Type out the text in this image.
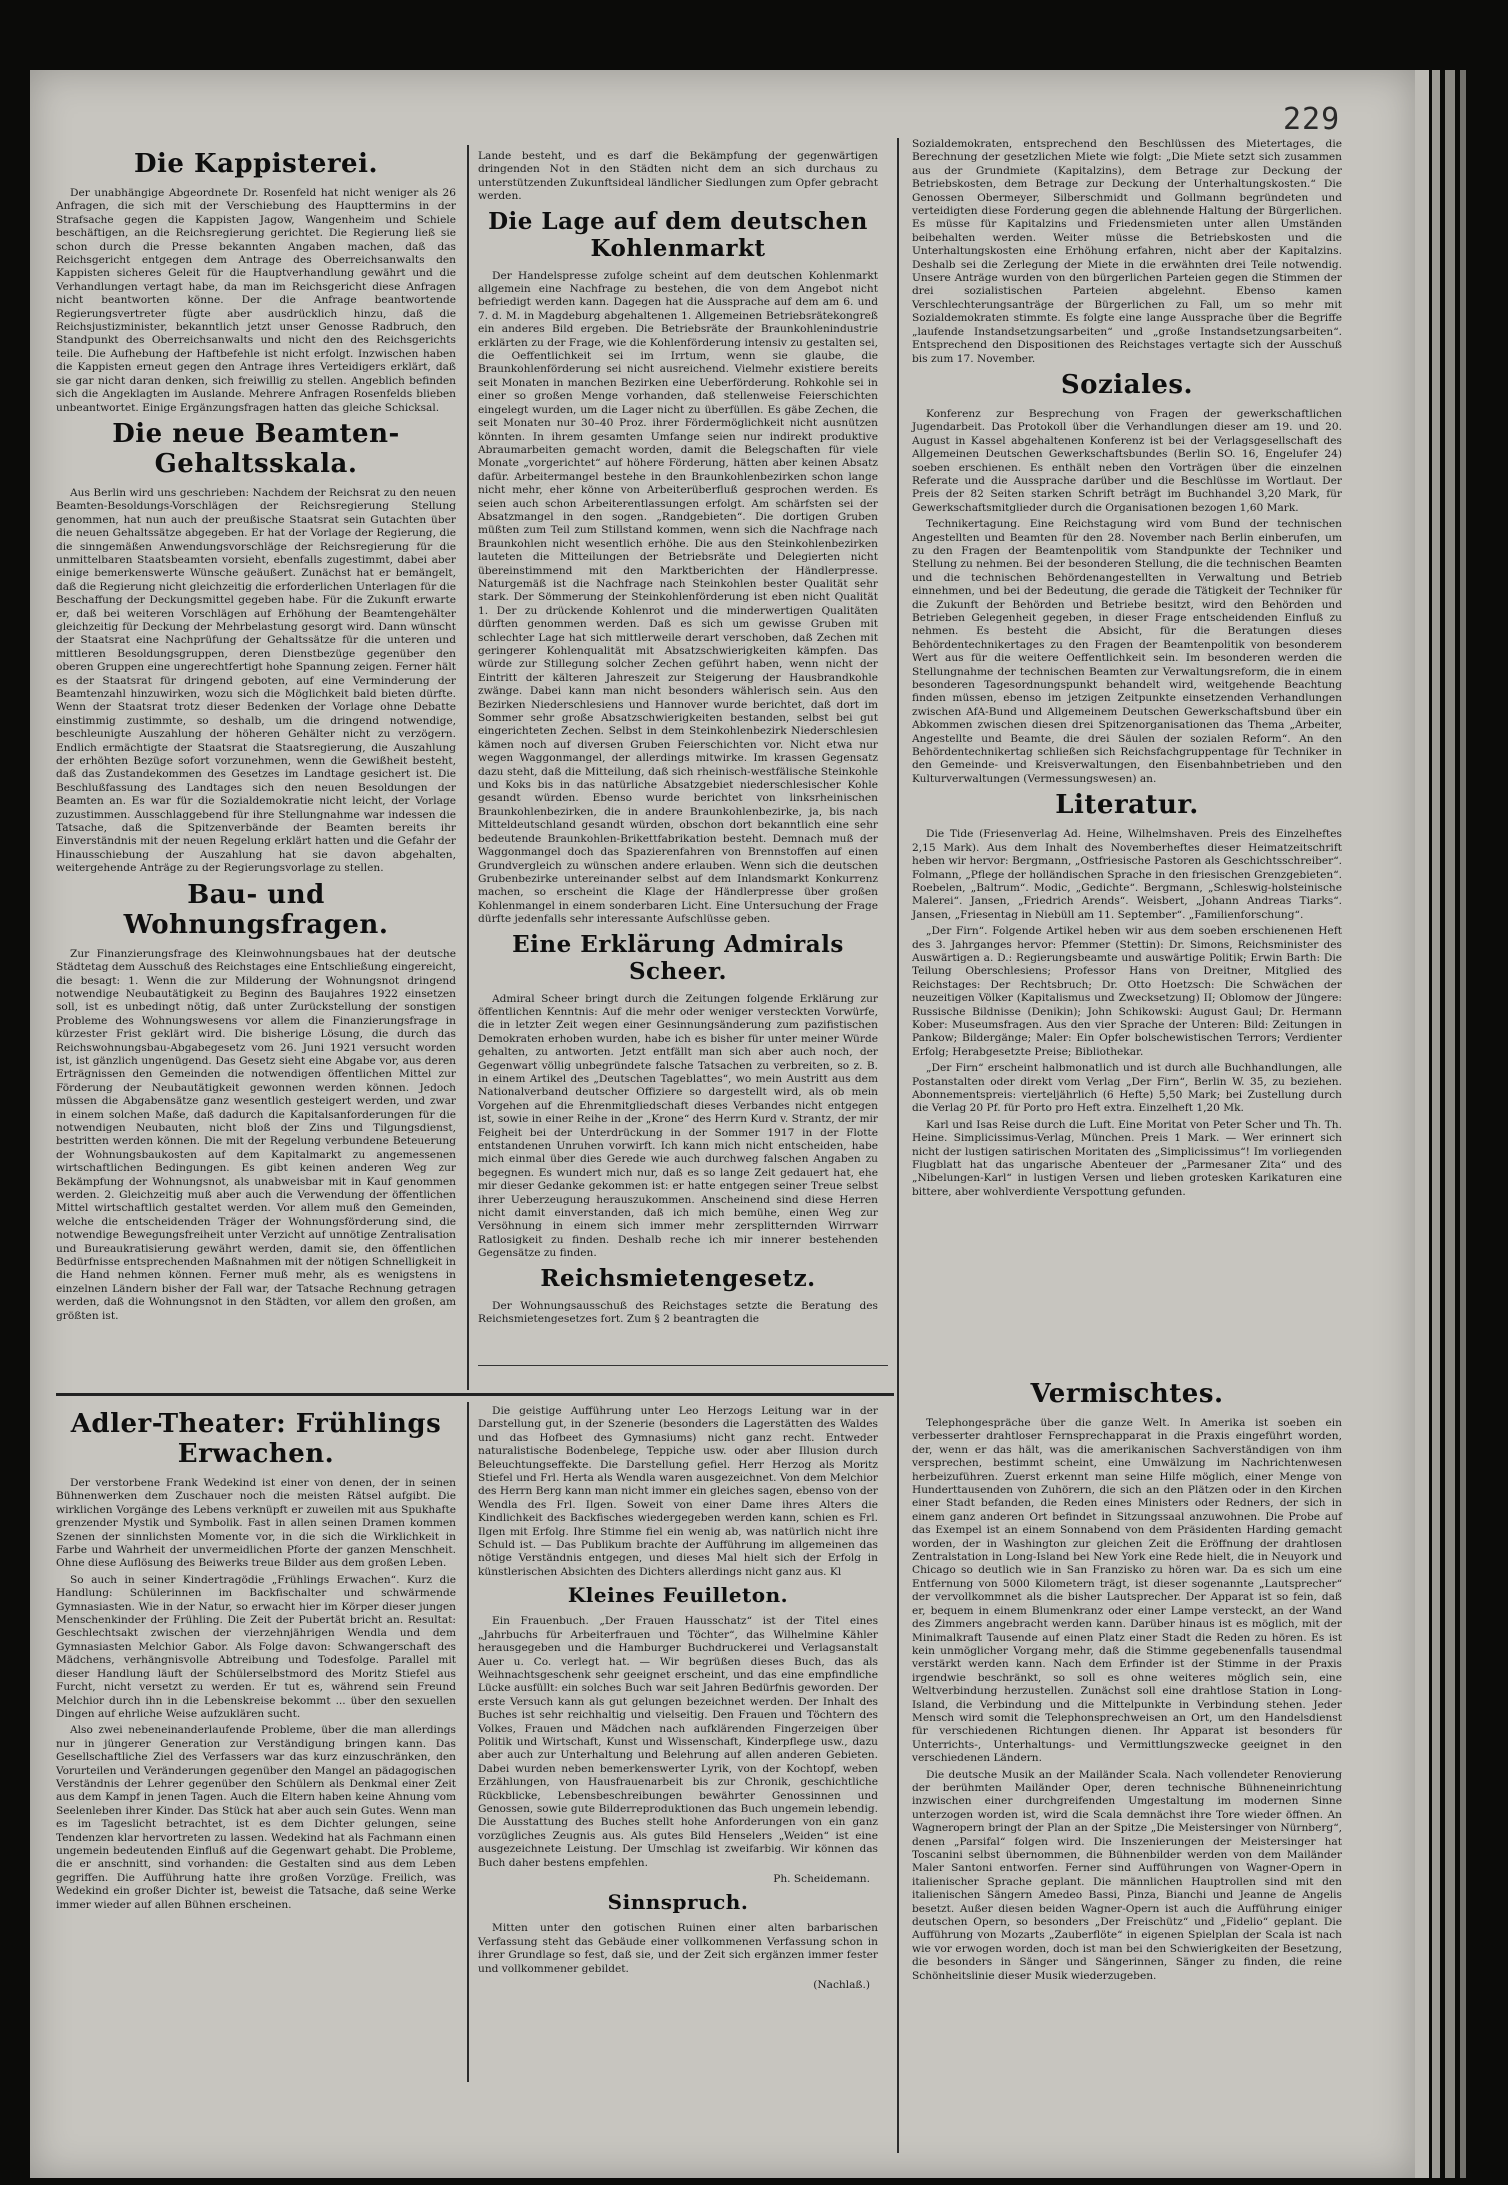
229
Die Kappisterei.

Der unabhängige Abgeordnete Dr. Rosenfeld hat nicht weniger als 26 Anfragen, die sich mit der Verschiebung des Haupttermins in der Strafsache gegen die Kappisten Jagow, Wangenheim und Schiele beschäftigen, an die Reichsregierung gerichtet. Die Regierung ließ sie schon durch die Presse bekannten Angaben machen, daß das Reichsgericht entgegen dem Antrage des Oberreichsanwalts den Kappisten sicheres Geleit für die Hauptverhandlung gewährt und die Verhandlungen vertagt habe, da man im Reichsgericht diese Anfragen nicht beantworten könne. Der die Anfrage beantwortende Regierungsvertreter fügte aber ausdrücklich hinzu, daß die Reichsjustizminister, bekanntlich jetzt unser Genosse Radbruch, den Standpunkt des Oberreichsanwalts und nicht den des Reichsgerichts teile. Die Aufhebung der Haftbefehle ist nicht erfolgt. Inzwischen haben die Kappisten erneut gegen den Antrage ihres Verteidigers erklärt, daß sie gar nicht daran denken, sich freiwillig zu stellen. Angeblich befinden sich die Angeklagten im Auslande. Mehrere Anfragen Rosenfelds blieben unbeantwortet. Einige Ergänzungsfragen hatten das gleiche Schicksal.

Die neue Beamten-Gehaltsskala.

Aus Berlin wird uns geschrieben: Nachdem der Reichsrat zu den neuen Beamten-Besoldungs-Vorschlägen der Reichsregierung Stellung genommen, hat nun auch der preußische Staatsrat sein Gutachten über die neuen Gehaltssätze abgegeben. Er hat der Vorlage der Regierung, die die sinngemäßen Anwendungsvorschläge der Reichsregierung für die unmittelbaren Staatsbeamten vorsieht, ebenfalls zugestimmt, dabei aber einige bemerkenswerte Wünsche geäußert. Zunächst hat er bemängelt, daß die Regierung nicht gleichzeitig die erforderlichen Unterlagen für die Beschaffung der Deckungsmittel gegeben habe. Für die Zukunft erwarte er, daß bei weiteren Vorschlägen auf Erhöhung der Beamtengehälter gleichzeitig für Deckung der Mehrbelastung gesorgt wird. Dann wünscht der Staatsrat eine Nachprüfung der Gehaltssätze für die unteren und mittleren Besoldungsgruppen, deren Dienstbezüge gegenüber den oberen Gruppen eine ungerechtfertigt hohe Spannung zeigen. Ferner hält es der Staatsrat für dringend geboten, auf eine Verminderung der Beamtenzahl hinzuwirken, wozu sich die Möglichkeit bald bieten dürfte. Wenn der Staatsrat trotz dieser Bedenken der Vorlage ohne Debatte einstimmig zustimmte, so deshalb, um die dringend notwendige, beschleunigte Auszahlung der höheren Gehälter nicht zu verzögern. Endlich ermächtigte der Staatsrat die Staatsregierung, die Auszahlung der erhöhten Bezüge sofort vorzunehmen, wenn die Gewißheit besteht, daß das Zustandekommen des Gesetzes im Landtage gesichert ist. Die Beschlußfassung des Landtages sich den neuen Besoldungen der Beamten an. Es war für die Sozialdemokratie nicht leicht, der Vorlage zuzustimmen. Ausschlaggebend für ihre Stellungnahme war indessen die Tatsache, daß die Spitzenverbände der Beamten bereits ihr Einverständnis mit der neuen Regelung erklärt hatten und die Gefahr der Hinausschiebung der Auszahlung hat sie davon abgehalten, weitergehende Anträge zu der Regierungsvorlage zu stellen.

Bau- und Wohnungsfragen.

Zur Finanzierungsfrage des Kleinwohnungsbaues hat der deutsche Städtetag dem Ausschuß des Reichstages eine Entschließung eingereicht, die besagt: 1. Wenn die zur Milderung der Wohnungsnot dringend notwendige Neubautätigkeit zu Beginn des Baujahres 1922 einsetzen soll, ist es unbedingt nötig, daß unter Zurückstellung der sonstigen Probleme des Wohnungswesens vor allem die Finanzierungsfrage in kürzester Frist geklärt wird. Die bisherige Lösung, die durch das Reichswohnungsbau-Abgabegesetz vom 26. Juni 1921 versucht worden ist, ist gänzlich ungenügend. Das Gesetz sieht eine Abgabe vor, aus deren Erträgnissen den Gemeinden die notwendigen öffentlichen Mittel zur Förderung der Neubautätigkeit gewonnen werden können. Jedoch müssen die Abgabensätze ganz wesentlich gesteigert werden, und zwar in einem solchen Maße, daß dadurch die Kapitalsanforderungen für die notwendigen Neubauten, nicht bloß der Zins und Tilgungsdienst, bestritten werden können. Die mit der Regelung verbundene Beteuerung der Wohnungsbaukosten auf dem Kapitalmarkt zu angemessenen wirtschaftlichen Bedingungen. Es gibt keinen anderen Weg zur Bekämpfung der Wohnungsnot, als unabweisbar mit in Kauf genommen werden. 2. Gleichzeitig muß aber auch die Verwendung der öffentlichen Mittel wirtschaftlich gestaltet werden. Vor allem muß den Gemeinden, welche die entscheidenden Träger der Wohnungsförderung sind, die notwendige Bewegungsfreiheit unter Verzicht auf unnötige Zentralisation und Bureaukratisierung gewährt werden, damit sie, den öffentlichen Bedürfnisse entsprechenden Maßnahmen mit der nötigen Schnelligkeit in die Hand nehmen können. Ferner muß mehr, als es wenigstens in einzelnen Ländern bisher der Fall war, der Tatsache Rechnung getragen werden, daß die Wohnungsnot in den Städten, vor allem den großen, am größten ist.

Lande besteht, und es darf die Bekämpfung der gegenwärtigen dringenden Not in den Städten nicht dem an sich durchaus zu unterstützenden Zukunftsideal ländlicher Siedlungen zum Opfer gebracht werden.

Die Lage auf dem deutschen Kohlenmarkt

Der Handelspresse zufolge scheint auf dem deutschen Kohlenmarkt allgemein eine Nachfrage zu bestehen, die von dem Angebot nicht befriedigt werden kann. Dagegen hat die Aussprache auf dem am 6. und 7. d. M. in Magdeburg abgehaltenen 1. Allgemeinen Betriebsrätekongreß ein anderes Bild ergeben. Die Betriebsräte der Braunkohlenindustrie erklärten zu der Frage, wie die Kohlenförderung intensiv zu gestalten sei, die Oeffentlichkeit sei im Irrtum, wenn sie glaube, die Braunkohlenförderung sei nicht ausreichend. Vielmehr existiere bereits seit Monaten in manchen Bezirken eine Ueberförderung. Rohkohle sei in einer so großen Menge vorhanden, daß stellenweise Feierschichten eingelegt wurden, um die Lager nicht zu überfüllen. Es gäbe Zechen, die seit Monaten nur 30–40 Proz. ihrer Fördermöglichkeit nicht ausnützen könnten. In ihrem gesamten Umfange seien nur indirekt produktive Abraumarbeiten gemacht worden, damit die Belegschaften für viele Monate „vorgerichtet“ auf höhere Förderung, hätten aber keinen Absatz dafür. Arbeitermangel bestehe in den Braunkohlenbezirken schon lange nicht mehr, eher könne von Arbeiterüberfluß gesprochen werden. Es seien auch schon Arbeiterentlassungen erfolgt. Am schärfsten sei der Absatzmangel in den sogen. „Randgebieten“. Die dortigen Gruben müßten zum Teil zum Stillstand kommen, wenn sich die Nachfrage nach Braunkohlen nicht wesentlich erhöhe. Die aus den Steinkohlenbezirken lauteten die Mitteilungen der Betriebsräte und Delegierten nicht übereinstimmend mit den Marktberichten der Händlerpresse. Naturgemäß ist die Nachfrage nach Steinkohlen bester Qualität sehr stark. Der Sömmerung der Steinkohlenförderung ist eben nicht Qualität 1. Der zu drückende Kohlenrot und die minderwertigen Qualitäten dürften genommen werden. Daß es sich um gewisse Gruben mit schlechter Lage hat sich mittlerweile derart verschoben, daß Zechen mit geringerer Kohlenqualität mit Absatzschwierigkeiten kämpfen. Das würde zur Stillegung solcher Zechen geführt haben, wenn nicht der Eintritt der kälteren Jahreszeit zur Steigerung der Hausbrandkohle zwänge. Dabei kann man nicht besonders wählerisch sein. Aus den Bezirken Niederschlesiens und Hannover wurde berichtet, daß dort im Sommer sehr große Absatzschwierigkeiten bestanden, selbst bei gut eingerichteten Zechen. Selbst in dem Steinkohlenbezirk Niederschlesien kämen noch auf diversen Gruben Feierschichten vor. Nicht etwa nur wegen Waggonmangel, der allerdings mitwirke. Im krassen Gegensatz dazu steht, daß die Mitteilung, daß sich rheinisch-westfälische Steinkohle und Koks bis in das natürliche Absatzgebiet niederschlesischer Kohle gesandt würden. Ebenso wurde berichtet von linksrheinischen Braunkohlenbezirken, die in andere Braunkohlenbezirke, ja, bis nach Mitteldeutschland gesandt würden, obschon dort bekanntlich eine sehr bedeutende Braunkohlen-Brikettfabrikation besteht. Demnach muß der Waggonmangel doch das Spazierenfahren von Brennstoffen auf einen Grundvergleich zu wünschen andere erlauben. Wenn sich die deutschen Grubenbezirke untereinander selbst auf dem Inlandsmarkt Konkurrenz machen, so erscheint die Klage der Händlerpresse über großen Kohlenmangel in einem sonderbaren Licht. Eine Untersuchung der Frage dürfte jedenfalls sehr interessante Aufschlüsse geben.

Eine Erklärung Admirals Scheer.

Admiral Scheer bringt durch die Zeitungen folgende Erklärung zur öffentlichen Kenntnis: Auf die mehr oder weniger versteckten Vorwürfe, die in letzter Zeit wegen einer Gesinnungsänderung zum pazifistischen Demokraten erhoben wurden, habe ich es bisher für unter meiner Würde gehalten, zu antworten. Jetzt entfällt man sich aber auch noch, der Gegenwart völlig unbegründete falsche Tatsachen zu verbreiten, so z. B. in einem Artikel des „Deutschen Tageblattes“, wo mein Austritt aus dem Nationalverband deutscher Offiziere so dargestellt wird, als ob mein Vorgehen auf die Ehrenmitgliedschaft dieses Verbandes nicht entgegen ist, sowie in einer Reihe in der „Krone“ des Herrn Kurd v. Strantz, der mir Feigheit bei der Unterdrückung in der Sommer 1917 in der Flotte entstandenen Unruhen vorwirft. Ich kann mich nicht entscheiden, habe mich einmal über dies Gerede wie auch durchweg falschen Angaben zu begegnen. Es wundert mich nur, daß es so lange Zeit gedauert hat, ehe mir dieser Gedanke gekommen ist: er hatte entgegen seiner Treue selbst ihrer Ueberzeugung herauszukommen. Anscheinend sind diese Herren nicht damit einverstanden, daß ich mich bemühe, einen Weg zur Versöhnung in einem sich immer mehr zersplitternden Wirrwarr Ratlosigkeit zu finden. Deshalb reche ich mir innerer bestehenden Gegensätze zu finden.

Reichsmietengesetz.

Der Wohnungsausschuß des Reichstages setzte die Beratung des Reichsmietengesetzes fort. Zum § 2 beantragten die

Sozialdemokraten, entsprechend den Beschlüssen des Mietertages, die Berechnung der gesetzlichen Miete wie folgt: „Die Miete setzt sich zusammen aus der Grundmiete (Kapitalzins), dem Betrage zur Deckung der Betriebskosten, dem Betrage zur Deckung der Unterhaltungskosten.“ Die Genossen Obermeyer, Silberschmidt und Gollmann begründeten und verteidigten diese Forderung gegen die ablehnende Haltung der Bürgerlichen. Es müsse für Kapitalzins und Friedensmieten unter allen Umständen beibehalten werden. Weiter müsse die Betriebskosten und die Unterhaltungskosten eine Erhöhung erfahren, nicht aber der Kapitalzins. Deshalb sei die Zerlegung der Miete in die erwähnten drei Teile notwendig. Unsere Anträge wurden von den bürgerlichen Parteien gegen die Stimmen der drei sozialistischen Parteien abgelehnt. Ebenso kamen Verschlechterungsanträge der Bürgerlichen zu Fall, um so mehr mit Sozialdemokraten stimmte. Es folgte eine lange Aussprache über die Begriffe „laufende Instandsetzungsarbeiten“ und „große Instandsetzungsarbeiten“. Entsprechend den Dispositionen des Reichstages vertagte sich der Ausschuß bis zum 17. November.

Soziales.

Konferenz zur Besprechung von Fragen der gewerkschaftlichen Jugendarbeit. Das Protokoll über die Verhandlungen dieser am 19. und 20. August in Kassel abgehaltenen Konferenz ist bei der Verlagsgesellschaft des Allgemeinen Deutschen Gewerkschaftsbundes (Berlin SO. 16, Engelufer 24) soeben erschienen. Es enthält neben den Vorträgen über die einzelnen Referate und die Aussprache darüber und die Beschlüsse im Wortlaut. Der Preis der 82 Seiten starken Schrift beträgt im Buchhandel 3,20 Mark, für Gewerkschaftsmitglieder durch die Organisationen bezogen 1,60 Mark.

Technikertagung. Eine Reichstagung wird vom Bund der technischen Angestellten und Beamten für den 28. November nach Berlin einberufen, um zu den Fragen der Beamtenpolitik vom Standpunkte der Techniker und Stellung zu nehmen. Bei der besonderen Stellung, die die technischen Beamten und die technischen Behördenangestellten in Verwaltung und Betrieb einnehmen, und bei der Bedeutung, die gerade die Tätigkeit der Techniker für die Zukunft der Behörden und Betriebe besitzt, wird den Behörden und Betrieben Gelegenheit gegeben, in dieser Frage entscheidenden Einfluß zu nehmen. Es besteht die Absicht, für die Beratungen dieses Behördentechnikertages zu den Fragen der Beamtenpolitik von besonderem Wert aus für die weitere Oeffentlichkeit sein. Im besonderen werden die Stellungnahme der technischen Beamten zur Verwaltungsreform, die in einem besonderen Tagesordnungspunkt behandelt wird, weitgehende Beachtung finden müssen, ebenso im jetzigen Zeitpunkte einsetzenden Verhandlungen zwischen AfA-Bund und Allgemeinem Deutschen Gewerkschaftsbund über ein Abkommen zwischen diesen drei Spitzenorganisationen das Thema „Arbeiter, Angestellte und Beamte, die drei Säulen der sozialen Reform“. An den Behördentechnikertag schließen sich Reichsfachgruppentage für Techniker in den Gemeinde- und Kreisverwaltungen, den Eisenbahnbetrieben und den Kulturverwaltungen (Vermessungswesen) an.

Literatur.

Die Tide (Friesenverlag Ad. Heine, Wilhelmshaven. Preis des Einzelheftes 2,15 Mark). Aus dem Inhalt des Novemberheftes dieser Heimatzeitschrift heben wir hervor: Bergmann, „Ostfriesische Pastoren als Geschichtsschreiber“. Folmann, „Pflege der holländischen Sprache in den friesischen Grenzgebieten“. Roebelen, „Baltrum“. Modic, „Gedichte“. Bergmann, „Schleswig-holsteinische Malerei“. Jansen, „Friedrich Arends“. Weisbert, „Johann Andreas Tiarks“. Jansen, „Friesentag in Niebüll am 11. September“. „Familienforschung“.

„Der Firn“. Folgende Artikel heben wir aus dem soeben erschienenen Heft des 3. Jahrganges hervor: Pfemmer (Stettin): Dr. Simons, Reichsminister des Auswärtigen a. D.: Regierungsbeamte und auswärtige Politik; Erwin Barth: Die Teilung Oberschlesiens; Professor Hans von Dreitner, Mitglied des Reichstages: Der Rechtsbruch; Dr. Otto Hoetzsch: Die Schwächen der neuzeitigen Völker (Kapitalismus und Zwecksetzung) II; Oblomow der Jüngere: Russische Bildnisse (Denikin); John Schikowski: August Gaul; Dr. Hermann Kober: Museumsfragen. Aus den vier Sprache der Unteren: Bild: Zeitungen in Pankow; Bildergänge; Maler: Ein Opfer bolschewistischen Terrors; Verdienter Erfolg; Herabgesetzte Preise; Bibliothekar.

„Der Firn“ erscheint halbmonatlich und ist durch alle Buchhandlungen, alle Postanstalten oder direkt vom Verlag „Der Firn“, Berlin W. 35, zu beziehen. Abonnementspreis: vierteljährlich (6 Hefte) 5,50 Mark; bei Zustellung durch die Verlag 20 Pf. für Porto pro Heft extra. Einzelheft 1,20 Mk.

Karl und Isas Reise durch die Luft. Eine Moritat von Peter Scher und Th. Th. Heine. Simplicissimus-Verlag, München. Preis 1 Mark. — Wer erinnert sich nicht der lustigen satirischen Moritaten des „Simplicissimus“! Im vorliegenden Flugblatt hat das ungarische Abenteuer der „Parmesaner Zita“ und des „Nibelungen-Karl“ in lustigen Versen und lieben grotesken Karikaturen eine bittere, aber wohlverdiente Verspottung gefunden.

Adler-Theater: Frühlings Erwachen.

Der verstorbene Frank Wedekind ist einer von denen, der in seinen Bühnenwerken dem Zuschauer noch die meisten Rätsel aufgibt. Die wirklichen Vorgänge des Lebens verknüpft er zuweilen mit aus Spukhafte grenzender Mystik und Symbolik. Fast in allen seinen Dramen kommen Szenen der sinnlichsten Momente vor, in die sich die Wirklichkeit in Farbe und Wahrheit der unvermeidlichen Pforte der ganzen Menschheit. Ohne diese Auflösung des Beiwerks treue Bilder aus dem großen Leben.

So auch in seiner Kindertragödie „Frühlings Erwachen“. Kurz die Handlung: Schülerinnen im Backfischalter und schwärmende Gymnasiasten. Wie in der Natur, so erwacht hier im Körper dieser jungen Menschenkinder der Frühling. Die Zeit der Pubertät bricht an. Resultat: Geschlechtsakt zwischen der vierzehnjährigen Wendla und dem Gymnasiasten Melchior Gabor. Als Folge davon: Schwangerschaft des Mädchens, verhängnisvolle Abtreibung und Todesfolge. Parallel mit dieser Handlung läuft der Schülerselbstmord des Moritz Stiefel aus Furcht, nicht versetzt zu werden. Er tut es, während sein Freund Melchior durch ihn in die Lebenskreise bekommt ... über den sexuellen Dingen auf ehrliche Weise aufzuklären sucht.

Also zwei nebeneinanderlaufende Probleme, über die man allerdings nur in jüngerer Generation zur Verständigung bringen kann. Das Gesellschaftliche Ziel des Verfassers war das kurz einzuschränken, den Vorurteilen und Veränderungen gegenüber den Mangel an pädagogischen Verständnis der Lehrer gegenüber den Schülern als Denkmal einer Zeit aus dem Kampf in jenen Tagen. Auch die Eltern haben keine Ahnung vom Seelenleben ihrer Kinder. Das Stück hat aber auch sein Gutes. Wenn man es im Tageslicht betrachtet, ist es dem Dichter gelungen, seine Tendenzen klar hervortreten zu lassen. Wedekind hat als Fachmann einen ungemein bedeutenden Einfluß auf die Gegenwart gehabt. Die Probleme, die er anschnitt, sind vorhanden: die Gestalten sind aus dem Leben gegriffen. Die Aufführung hatte ihre großen Vorzüge. Freilich, was Wedekind ein großer Dichter ist, beweist die Tatsache, daß seine Werke immer wieder auf allen Bühnen erscheinen.

Die geistige Aufführung unter Leo Herzogs Leitung war in der Darstellung gut, in der Szenerie (besonders die Lagerstätten des Waldes und das Hofbeet des Gymnasiums) nicht ganz recht. Entweder naturalistische Bodenbelege, Teppiche usw. oder aber Illusion durch Beleuchtungseffekte. Die Darstellung gefiel. Herr Herzog als Moritz Stiefel und Frl. Herta als Wendla waren ausgezeichnet. Von dem Melchior des Herrn Berg kann man nicht immer ein gleiches sagen, ebenso von der Wendla des Frl. Ilgen. Soweit von einer Dame ihres Alters die Kindlichkeit des Backfisches wiedergegeben werden kann, schien es Frl. Ilgen mit Erfolg. Ihre Stimme fiel ein wenig ab, was natürlich nicht ihre Schuld ist. — Das Publikum brachte der Aufführung im allgemeinen das nötige Verständnis entgegen, und dieses Mal hielt sich der Erfolg in künstlerischen Absichten des Dichters allerdings nicht ganz aus. Kl

Kleines Feuilleton.

Ein Frauenbuch. „Der Frauen Hausschatz“ ist der Titel eines „Jahrbuchs für Arbeiterfrauen und Töchter“, das Wilhelmine Kähler herausgegeben und die Hamburger Buchdruckerei und Verlagsanstalt Auer u. Co. verlegt hat. — Wir begrüßen dieses Buch, das als Weihnachtsgeschenk sehr geeignet erscheint, und das eine empfindliche Lücke ausfüllt: ein solches Buch war seit Jahren Bedürfnis geworden. Der erste Versuch kann als gut gelungen bezeichnet werden. Der Inhalt des Buches ist sehr reichhaltig und vielseitig. Den Frauen und Töchtern des Volkes, Frauen und Mädchen nach aufklärenden Fingerzeigen über Politik und Wirtschaft, Kunst und Wissenschaft, Kinderpflege usw., dazu aber auch zur Unterhaltung und Belehrung auf allen anderen Gebieten. Dabei wurden neben bemerkenswerter Lyrik, von der Kochtopf, weben Erzählungen, von Hausfrauenarbeit bis zur Chronik, geschichtliche Rückblicke, Lebensbeschreibungen bewährter Genossinnen und Genossen, sowie gute Bilderreproduktionen das Buch ungemein lebendig. Die Ausstattung des Buches stellt hohe Anforderungen von ein ganz vorzügliches Zeugnis aus. Als gutes Bild Henselers „Weiden“ ist eine ausgezeichnete Leistung. Der Umschlag ist zweifarbig. Wir können das Buch daher bestens empfehlen.

Ph. Scheidemann.
Sinnspruch.

Mitten unter den gotischen Ruinen einer alten barbarischen Verfassung steht das Gebäude einer vollkommenen Verfassung schon in ihrer Grundlage so fest, daß sie, und der Zeit sich ergänzen immer fester und vollkommener gebildet.

(Nachlaß.)
Vermischtes.

Telephongespräche über die ganze Welt. In Amerika ist soeben ein verbesserter drahtloser Fernsprechapparat in die Praxis eingeführt worden, der, wenn er das hält, was die amerikanischen Sachverständigen von ihm versprechen, bestimmt scheint, eine Umwälzung im Nachrichtenwesen herbeizuführen. Zuerst erkennt man seine Hilfe möglich, einer Menge von Hunderttausenden von Zuhörern, die sich an den Plätzen oder in den Kirchen einer Stadt befanden, die Reden eines Ministers oder Redners, der sich in einem ganz anderen Ort befindet in Sitzungssaal anzuwohnen. Die Probe auf das Exempel ist an einem Sonnabend von dem Präsidenten Harding gemacht worden, der in Washington zur gleichen Zeit die Eröffnung der drahtlosen Zentralstation in Long-Island bei New York eine Rede hielt, die in Neuyork und Chicago so deutlich wie in San Franzisko zu hören war. Da es sich um eine Entfernung von 5000 Kilometern trägt, ist dieser sogenannte „Lautsprecher“ der vervollkommnet als die bisher Lautsprecher. Der Apparat ist so fein, daß er, bequem in einem Blumenkranz oder einer Lampe versteckt, an der Wand des Zimmers angebracht werden kann. Darüber hinaus ist es möglich, mit der Minimalkraft Tausende auf einen Platz einer Stadt die Reden zu hören. Es ist kein unmöglicher Vorgang mehr, daß die Stimme gegebenenfalls tausendmal verstärkt werden kann. Nach dem Erfinder ist der Stimme in der Praxis irgendwie beschränkt, so soll es ohne weiteres möglich sein, eine Weltverbindung herzustellen. Zunächst soll eine drahtlose Station in Long-Island, die Verbindung und die Mittelpunkte in Verbindung stehen. Jeder Mensch wird somit die Telephonsprechweisen an Ort, um den Handelsdienst für verschiedenen Richtungen dienen. Ihr Apparat ist besonders für Unterrichts-, Unterhaltungs- und Vermittlungszwecke geeignet in den verschiedenen Ländern.

Die deutsche Musik an der Mailänder Scala. Nach vollendeter Renovierung der berühmten Mailänder Oper, deren technische Bühneneinrichtung inzwischen einer durchgreifenden Umgestaltung im modernen Sinne unterzogen worden ist, wird die Scala demnächst ihre Tore wieder öffnen. An Wagneropern bringt der Plan an der Spitze „Die Meistersinger von Nürnberg“, denen „Parsifal“ folgen wird. Die Inszenierungen der Meistersinger hat Toscanini selbst übernommen, die Bühnenbilder werden von dem Mailänder Maler Santoni entworfen. Ferner sind Aufführungen von Wagner-Opern in italienischer Sprache geplant. Die männlichen Hauptrollen sind mit den italienischen Sängern Amedeo Bassi, Pinza, Bianchi und Jeanne de Angelis besetzt. Außer diesen beiden Wagner-Opern ist auch die Aufführung einiger deutschen Opern, so besonders „Der Freischütz“ und „Fidelio“ geplant. Die Aufführung von Mozarts „Zauberflöte“ in eigenen Spielplan der Scala ist nach wie vor erwogen worden, doch ist man bei den Schwierigkeiten der Besetzung, die besonders in Sänger und Sängerinnen, Sänger zu finden, die reine Schönheitslinie dieser Musik wiederzugeben.
